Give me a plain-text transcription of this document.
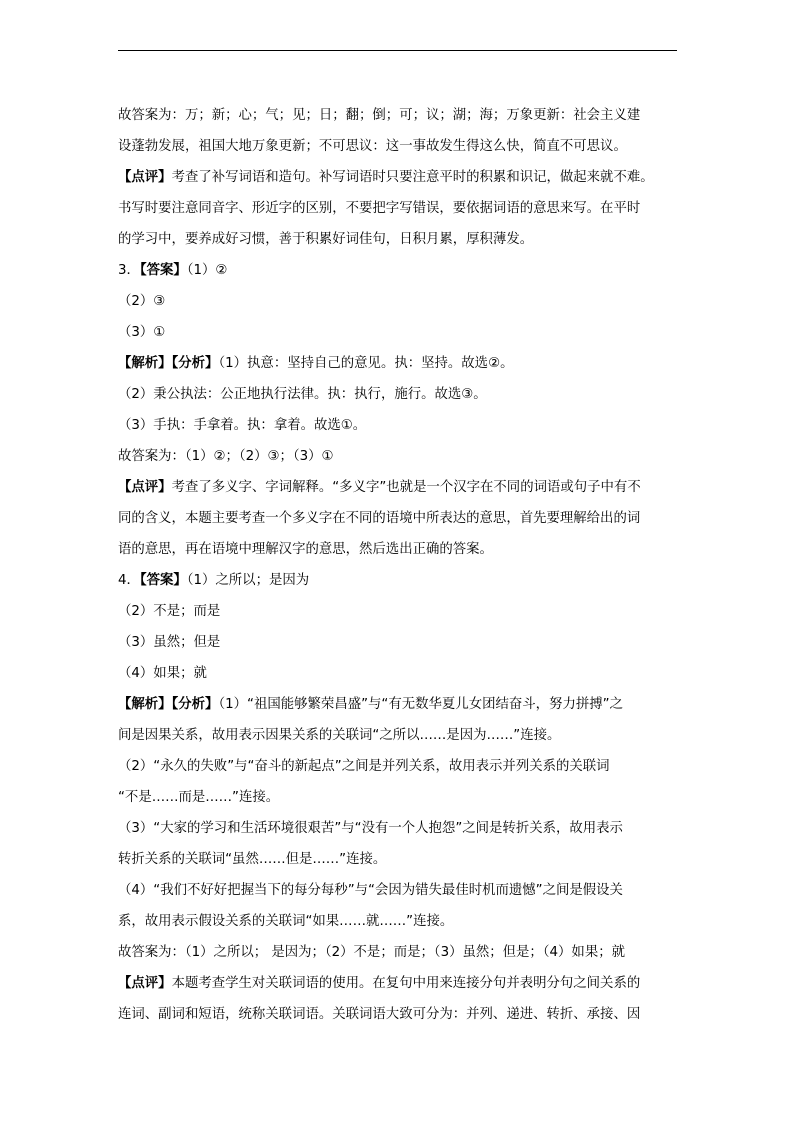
故答案为：万；新；心；气；见；日；翻；倒；可；议；湖；海；万象更新：社会主义建
设蓬勃发展，祖国大地万象更新；不可思议：这一事故发生得这么快，简直不可思议。
【点评】考查了补写词语和造句。补写词语时只要注意平时的积累和识记，做起来就不难。
书写时要注意同音字、形近字的区别，不要把字写错误，要依据词语的意思来写。在平时
的学习中，要养成好习惯，善于积累好词佳句，日积月累，厚积薄发。
3．【答案】（1）②
（2）③
（3）①
【解析】【分析】（1）执意：坚持自己的意见。执：坚持。故选②。
（2）秉公执法：公正地执行法律。执：执行，施行。故选③。
（3）手执：手拿着。执：拿着。故选①。
故答案为：（1）②；（2）③；（3）①
【点评】考查了多义字、字词解释。“多义字”也就是一个汉字在不同的词语或句子中有不
同的含义，本题主要考查一个多义字在不同的语境中所表达的意思，首先要理解给出的词
语的意思，再在语境中理解汉字的意思，然后选出正确的答案。
4．【答案】（1）之所以；是因为
（2）不是；而是
（3）虽然；但是
（4）如果；就
【解析】【分析】（1）“祖国能够繁荣昌盛”与“有无数华夏儿女团结奋斗，努力拼搏”之
间是因果关系，故用表示因果关系的关联词“之所以……是因为……”连接。
（2）“永久的失败”与“奋斗的新起点”之间是并列关系，故用表示并列关系的关联词
“不是……而是……”连接。
（3）“大家的学习和生活环境很艰苦”与“没有一个人抱怨”之间是转折关系，故用表示
转折关系的关联词“虽然……但是……”连接。
（4）“我们不好好把握当下的每分每秒”与“会因为错失最佳时机而遗憾”之间是假设关
系，故用表示假设关系的关联词“如果……就……”连接。
故答案为：（1）之所以； 是因为；（2）不是；而是；（3）虽然；但是；（4）如果；就
【点评】本题考查学生对关联词语的使用。在复句中用来连接分句并表明分句之间关系的
连词、副词和短语，统称关联词语。关联词语大致可分为：并列、递进、转折、承接、因
